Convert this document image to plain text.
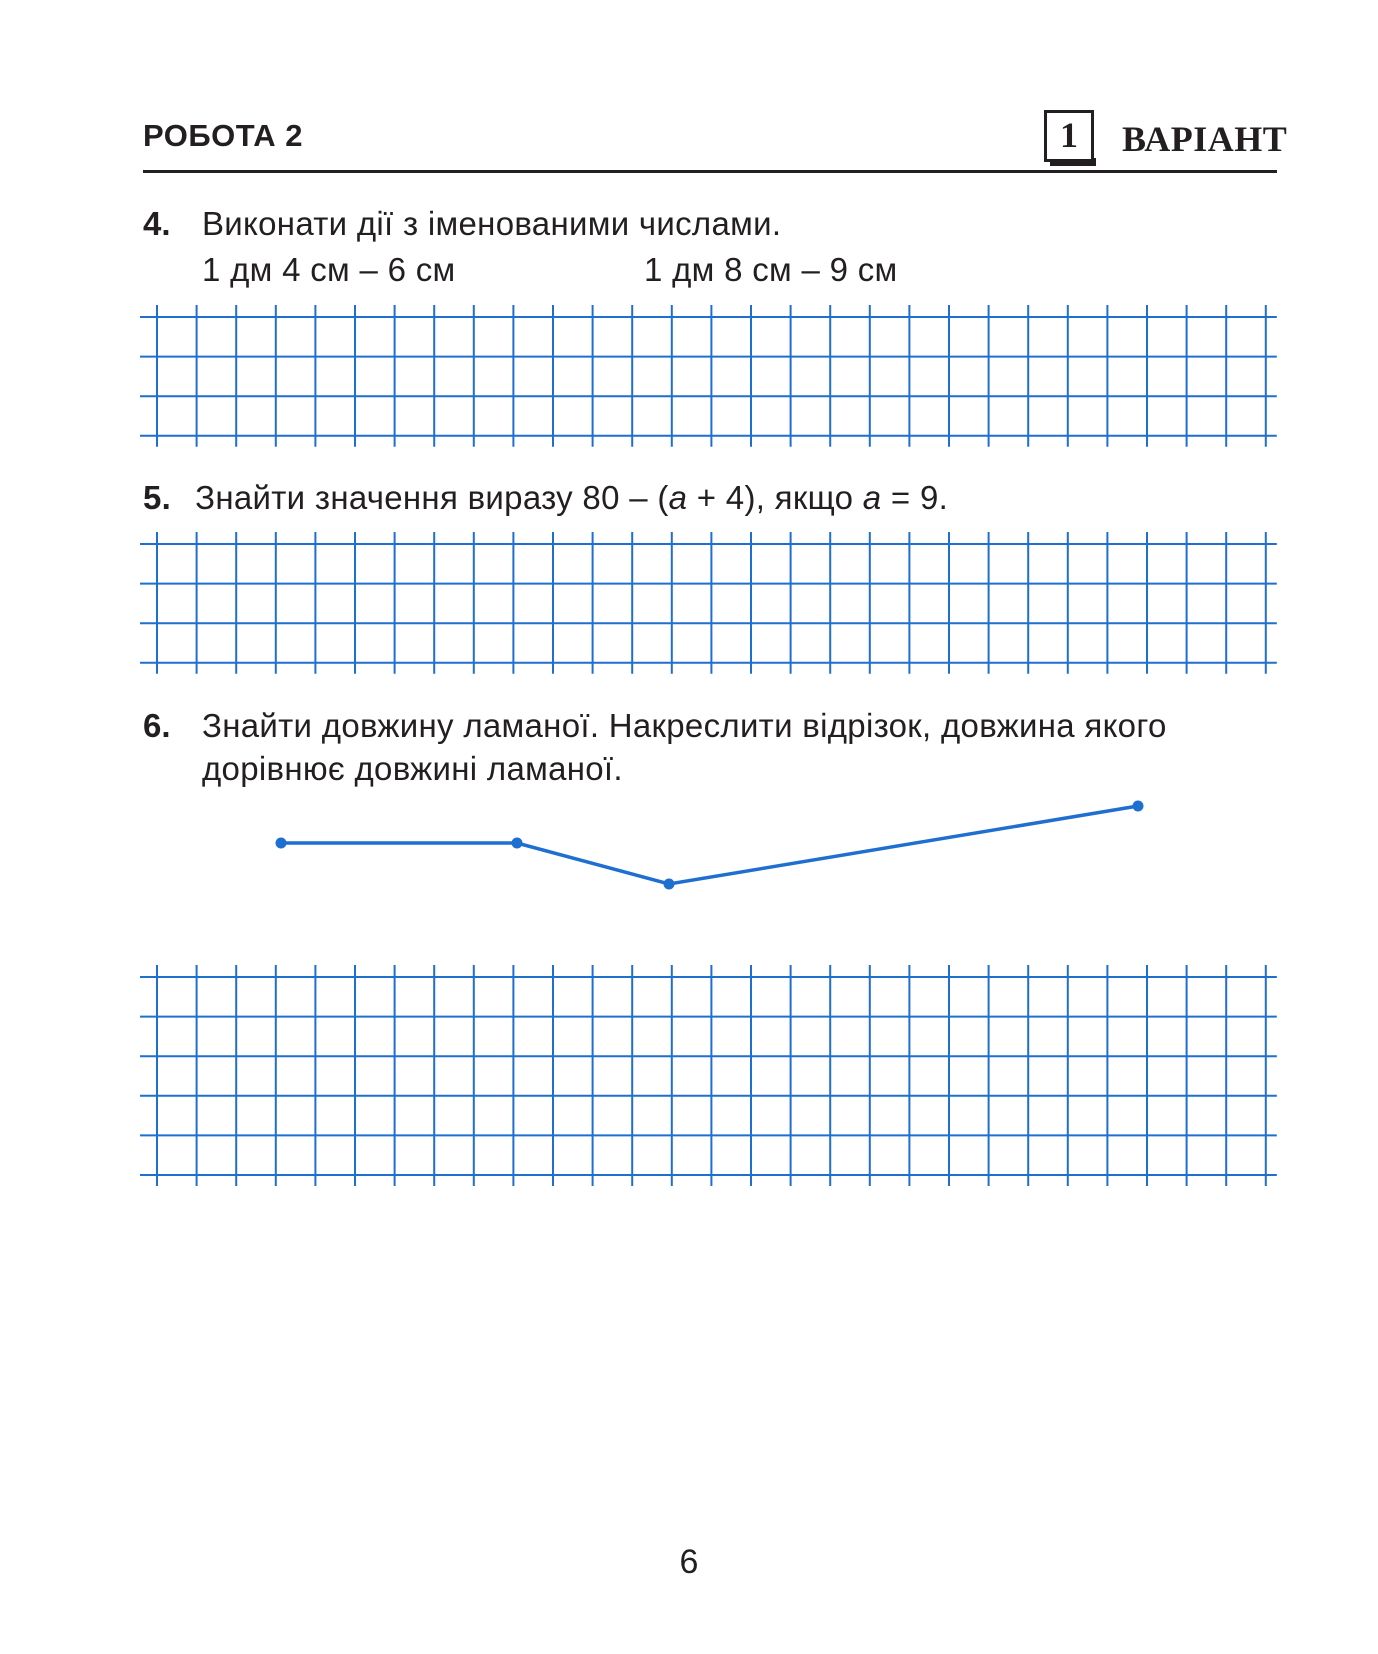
РОБОТА 2	1	ВАРІАНТ
4. Виконати дії з іменованими числами.
1 дм 4 см – 6 см	1 дм 8 см – 9 см
5. Знайти значення виразу 80 – (a + 4), якщо a = 9.
6. Знайти довжину ламаної. Накреслити відрізок, довжина якого
дорівнює довжині ламаної.
6
